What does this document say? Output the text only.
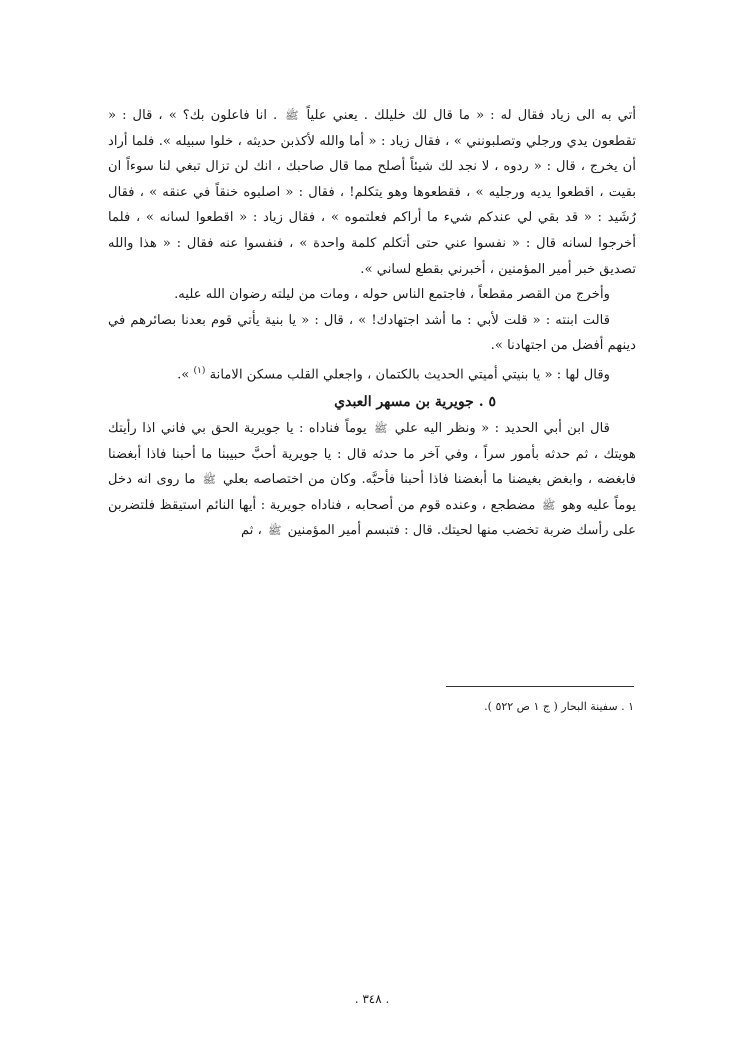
أتي به الى زياد فقال له : « ما قال لك خليلك . يعني علياً ﷺ . انا فاعلون بك؟ » ، قال : « تقطعون يدي ورجلي وتصلبونني » ، فقال زياد : « أما والله لأكذبن حديثه ، خلوا سبيله ». فلما أراد أن يخرج ، قال : « ردوه ، لا نجد لك شيئاً أصلح مما قال صاحبك ، انك لن تزال تبغي لنا سوءاً ان بقيت ، اقطعوا يديه ورجليه » ، فقطعوها وهو يتكلم! ، فقال : « اصلبوه خنقاً في عنقه » ، فقال رُشَيد : « قد بقي لي عندكم شيء ما أراكم فعلتموه » ، فقال زياد : « اقطعوا لسانه » ، فلما أخرجوا لسانه قال : « نفسوا عني حتى أتكلم كلمة واحدة » ، فنفسوا عنه فقال : « هذا والله تصديق خبر أمير المؤمنين ، أخبرني بقطع لساني ».

وأخرج من القصر مقطعاً ، فاجتمع الناس حوله ، ومات من ليلته رضوان الله عليه.

قالت ابنته : « قلت لأبي : ما أشد اجتهادك! » ، قال : « يا بنية يأتي قوم بعدنا بصائرهم في دينهم أفضل من اجتهادنا ».

وقال لها : « يا بنيتي أميتي الحديث بالكتمان ، واجعلي القلب مسكن الامانة $^{(١)}$ ».

٥ . جويرية بن مسهر العبدي

قال ابن أبي الحديد : « ونظر اليه علي ﷺ يوماً فناداه : يا جويرية الحق بي فاني اذا رأيتك هويتك ، ثم حدثه بأمور سراً ، وفي آخر ما حدثه قال : يا جويرية أحبَّ حبيبنا ما أحبنا فاذا أبغضنا فابغضه ، وابغض بغيضنا ما أبغضنا فاذا أحبنا فأحبَّه. وكان من اختصاصه بعلي ﷺ ما روى انه دخل يوماً عليه وهو ﷺ مضطجع ، وعنده قوم من أصحابه ، فناداه جويرية : أيها النائم استيقظ فلتضربن على رأسك ضربة تخضب منها لحيتك. قال : فتبسم أمير المؤمنين ﷺ ، ثم

١ . سفينة البحار ( ج ١ ص ٥٢٢ ).
. ٣٤٨ .
